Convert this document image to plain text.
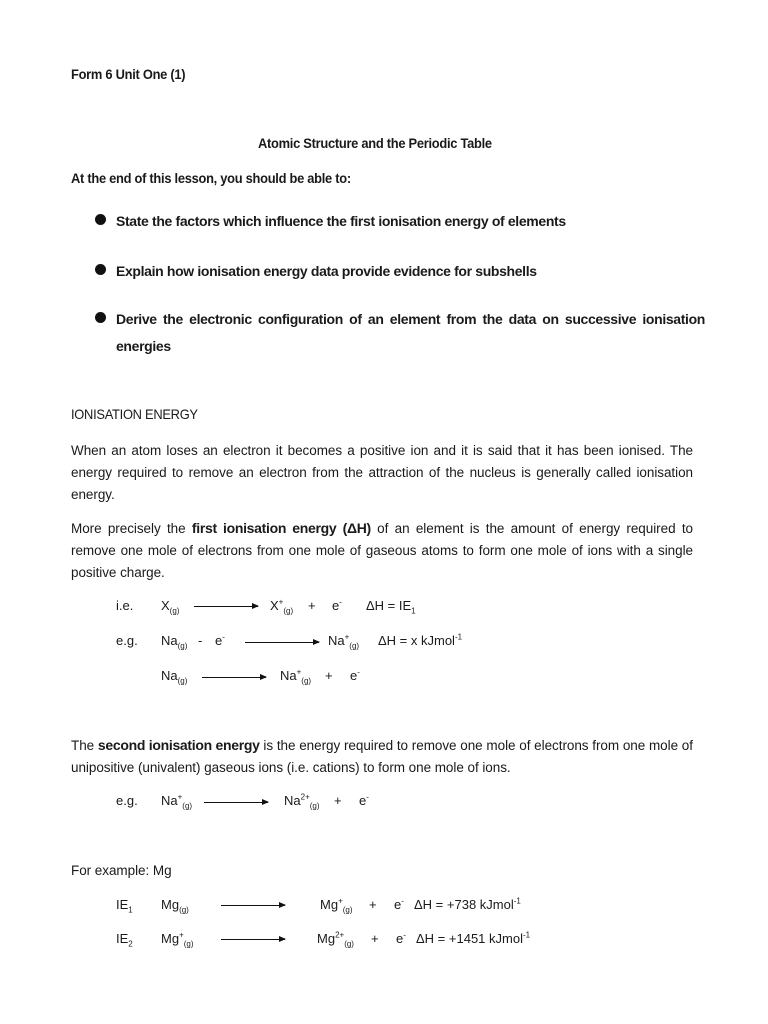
Form 6 Unit One (1)
Atomic Structure and the Periodic Table
At the end of this lesson, you should be able to:
State the factors which influence the first ionisation energy of elements
Explain how ionisation energy data provide evidence for subshells
Derive the electronic configuration of an element from the data on successive ionisation energies
IONISATION ENERGY
When an atom loses an electron it becomes a positive ion and it is said that it has been ionised. The energy required to remove an electron from the attraction of the nucleus is generally called ionisation energy.
More precisely the first ionisation energy (ΔH) of an element is the amount of energy required to remove one mole of electrons from one mole of gaseous atoms to form one mole of ions with a single positive charge.
i.e. $X_{(g)} \to X^+_{(g)} + e^-$ $\Delta H = IE_1$
e.g. $Na_{(g)} - e^-$	$Na^+_{(g)}$ ΔH = x kJmol$^{-1}$
$Na_{(g)} \to Na^+_{(g)} + e^-$
The second ionisation energy is the energy required to remove one mole of electrons from one mole of unipositive (univalent) gaseous ions (i.e. cations) to form one mole of ions.
e.g. $Na^+_{(g)} \to Na^{2+}_{(g)} + e^-$
For example: Mg
$IE_1$ $Mg_{(g)}$	$Mg^+_{(g)} + e^-$ ΔH = +738 kJmol$^{-1}$
$IE_2$ $Mg^+_{(g)}$	$Mg^{2+}_{(g)} + e^-$ ΔH = +1451 kJmol$^{-1}$
